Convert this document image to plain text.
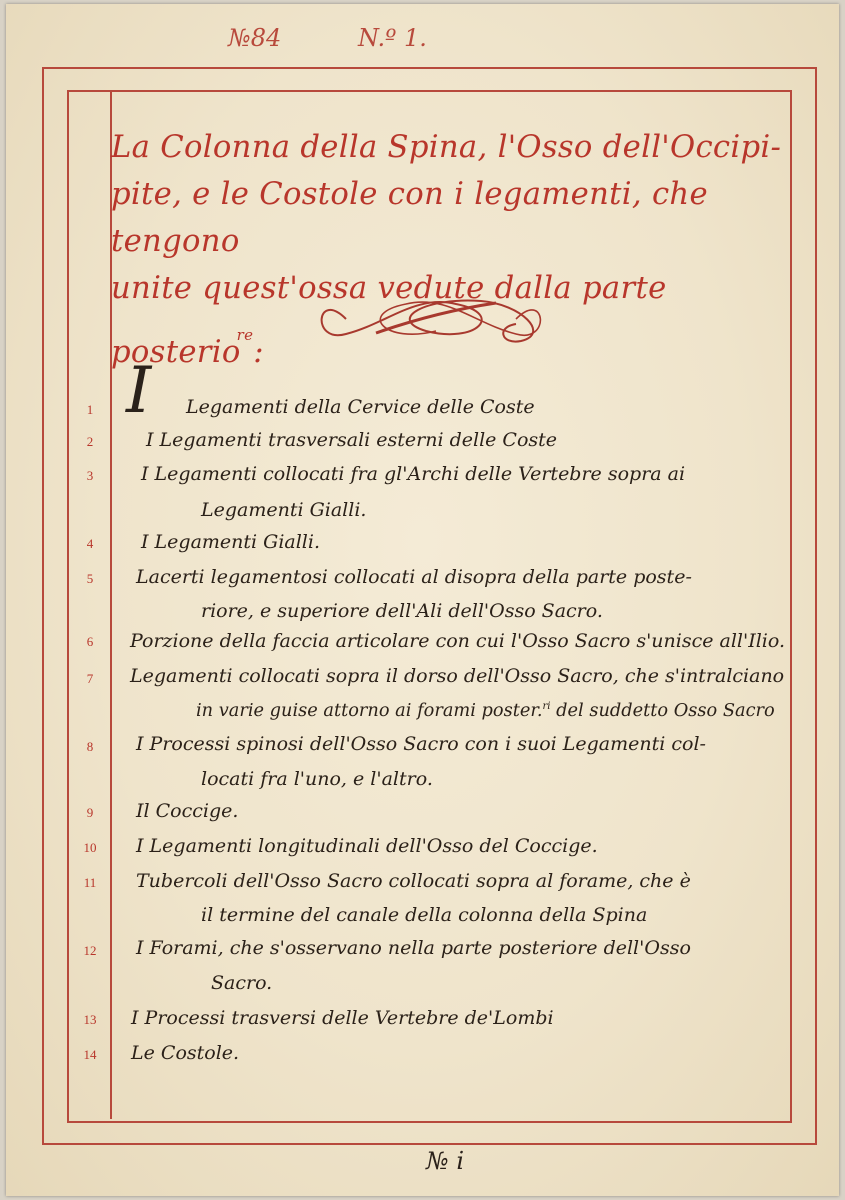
№84	N.º 1.
La Colonna della Spina, l'Osso dell'Occipi-
pite, e le Costole con i legamenti, che tengono
unite quest'ossa vedute dalla parte posterio$^{re}$:
I
1
2
3
4
5
6
7
8
9
10
11
12
13
14
Legamenti della Cervice delle Coste
I Legamenti trasversali esterni delle Coste
I Legamenti collocati fra gl'Archi delle Vertebre sopra ai
Legamenti Gialli.
I Legamenti Gialli.
Lacerti legamentosi collocati al disopra della parte poste-
riore, e superiore dell'Ali dell'Osso Sacro.
Porzione della faccia articolare con cui l'Osso Sacro s'unisce all'Ilio.
Legamenti collocati sopra il dorso dell'Osso Sacro, che s'intralciano
in varie guise attorno ai forami poster.$^{ri}$ del suddetto Osso Sacro
I Processi spinosi dell'Osso Sacro con i suoi Legamenti col-
locati fra l'uno, e l'altro.
Il Coccige.
I Legamenti longitudinali dell'Osso del Coccige.
Tubercoli dell'Osso Sacro collocati sopra al forame, che è
il termine del canale della colonna della Spina
I Forami, che s'osservano nella parte posteriore dell'Osso
Sacro.
I Processi trasversi delle Vertebre de'Lombi
Le Costole.
№ i
